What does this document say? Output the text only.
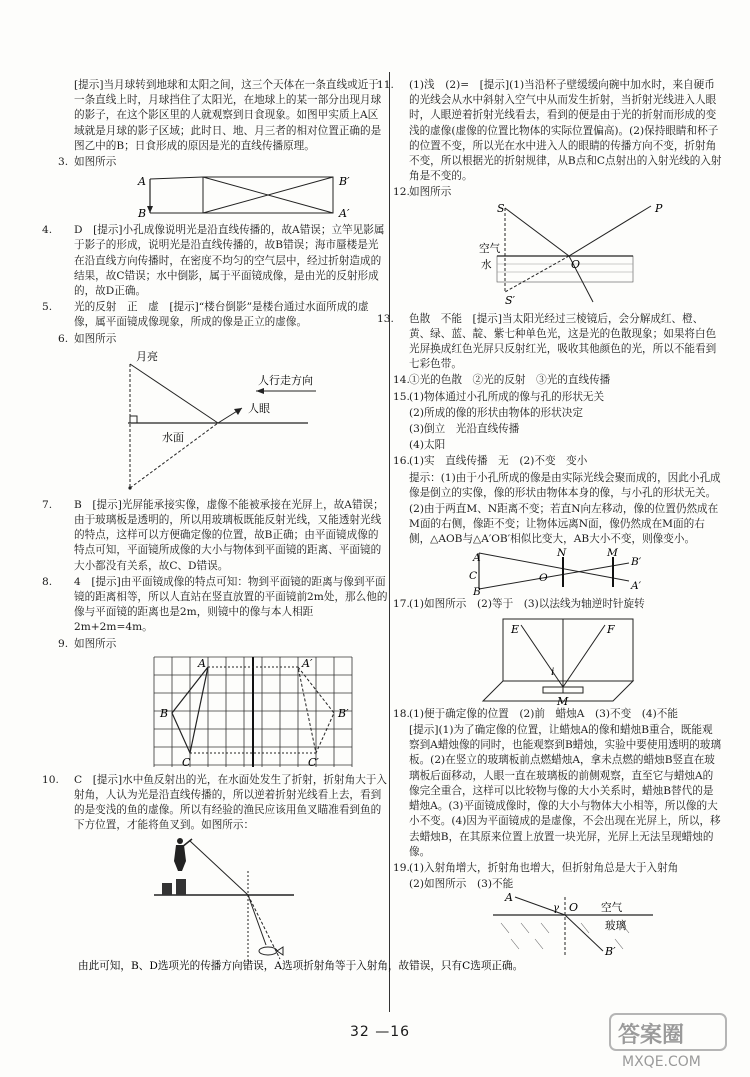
[提示]当月球转到地球和太阳之间，这三个天体在一条直线或近于一条直线上时，月球挡住了太阳光，在地球上的某一部分出现月球的影子，在这个影区里的人就观察到日食现象。如图甲实质上A区域就是月球的影子区域；此时日、地、月三者的相对位置正确的是图乙中的B；日食形成的原因是光的直线传播原理。
3. 如图所示
A
B
B′
A′
4. D　[提示]小孔成像说明光是沿直线传播的，故A错误；立竿见影属于影子的形成，说明光是沿直线传播的，故B错误；海市蜃楼是光在沿直线方向传播时，在密度不均匀的空气层中，经过折射造成的结果，故C错误；水中倒影，属于平面镜成像，是由光的反射形成的，故D正确。
5. 光的反射　正　虚　[提示]“楼台倒影”是楼台通过水面所成的虚像，属平面镜成像现象，所成的像是正立的虚像。
6. 如图所示
月亮
人行走方向
人眼
水面
7. B　[提示]光屏能承接实像，虚像不能被承接在光屏上，故A错误；由于玻璃板是透明的，所以用玻璃板既能反射光线，又能透射光线的特点，这样可以方便确定像的位置，故B正确；由平面镜成像的特点可知，平面镜所成像的大小与物体到平面镜的距离、平面镜的大小都没有关系，故C、D错误。
8. 4　[提示]由平面镜成像的特点可知：物到平面镜的距离与像到平面镜的距离相等，所以人直站在竖直放置的平面镜前2m处，那么他的像与平面镜的距离也是2m，则镜中的像与本人相距2m+2m=4m。
9. 如图所示
A
B
C
A′
B′
C′
10. C　[提示]水中鱼反射出的光，在水面处发生了折射，折射角大于入射角，人认为光是沿直线传播的，所以逆着折射光线看上去，看到的是变浅的鱼的虚像。所以有经验的渔民应该用鱼叉瞄准看到鱼的下方位置，才能将鱼叉到。如图所示：
由此可知，B、D选项光的传播方向错误，A选项折射角等于入射角，故错误，只有C选项正确。
11. (1)浅　(2)=　[提示](1)当沿杯子壁缓缓向碗中加水时，来自硬币的光线会从水中斜射入空气中从而发生折射，当折射光线进入人眼时，人眼逆着折射光线看去，看到的便是由于光的折射而形成的变浅的虚像(虚像的位置比物体的实际位置偏高)。(2)保持眼睛和杯子的位置不变，所以光在水中进入人的眼睛的传播方向不变，折射角不变，所以根据光的折射规律，从B点和C点射出的入射光线的入射角是不变的。
12.如图所示
S	P
空气
水	O
S′
13. 色散　不能　[提示]当太阳光经过三棱镜后，会分解成红、橙、黄、绿、蓝、靛、紫七种单色光，这是光的色散现象；如果将白色光屏换成红色光屏只反射红光，吸收其他颜色的光，所以不能看到七彩色带。
14.①光的色散　②光的反射　③光的直线传播
15.(1)物体通过小孔所成的像与孔的形状无关
(2)所成的像的形状由物体的形状决定
(3)倒立　光沿直线传播
(4)太阳
16.(1)实　直线传播　无　(2)不变　变小
提示：(1)由于小孔所成的像是由实际光线会聚而成的，因此小孔成像是倒立的实像，像的形状由物体本身的像，与小孔的形状无关。
(2)由于两直M、N距离不变；若直N向左移动，像的位置仍然成在M面的右侧，像距不变；让物体远离N面，像仍然成在M面的右侧，△AOB与△A′OB′相似比变大，AB大小不变，则像变小。
A
C
B
N	M
B′
O
A′
17.(1)如图所示　(2)等于　(3)以法线为轴逆时针旋转
E	F
i
M
18.(1)便于确定像的位置　(2)前　蜡烛A　(3)不变　(4)不能
[提示](1)为了确定像的位置，让蜡烛A的像和蜡烛B重合，既能观察到A蜡烛像的同时，也能观察到B蜡烛，实验中要使用透明的玻璃板。(2)在竖立的玻璃板前点燃蜡烛A，拿未点燃的蜡烛B竖直在玻璃板后面移动，人眼一直在玻璃板的前侧观察，直至它与蜡烛A的像完全重合，这样可以比较物与像的大小关系时，蜡烛B替代的是蜡烛A。(3)平面镜成像时，像的大小与物体大小相等，所以像的大小不变。(4)因为平面镜成的是虚像，不会出现在光屏上，所以，移去蜡烛B，在其原来位置上放置一块光屏，光屏上无法呈现蜡烛的像。
19.(1)入射角增大，折射角也增大，但折射角总是大于入射角
(2)如图所示　(3)不能
A
γ O 空气
玻璃
B′
32 —16	答案圈
MXQE.COM
